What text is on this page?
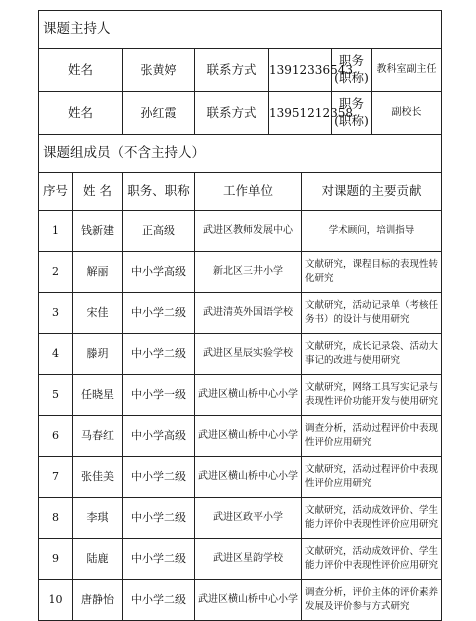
课题主持人							
姓名		张黄婷	联系方式	13912336543		职务(职称)	教科室副主任
姓名		孙红霞	联系方式	13951212358		职务(职称)	副校长
课题组成员（不含主持人）							
序号	姓 名	职务、职称	工作单位		对课题的主要贡献		
1	钱新建	正高级	武进区教师发展中心		学术顾问，培训指导		
2	解丽	中小学高级	新北区三井小学		文献研究，课程目标的表现性转化研究		
3	宋佳	中小学二级	武进清英外国语学校		文献研究，活动记录单（考核任务书）的设计与使用研究		
4	滕玥	中小学二级	武进区星辰实验学校		文献研究，成长记录袋、活动大事记的改进与使用研究		
5	任晓星	中小学一级	武进区横山桥中心小学		文献研究，网络工具写实记录与表现性评价功能开发与使用研究		
6	马春红	中小学高级	武进区横山桥中心小学		调查分析，活动过程评价中表现性评价应用研究		
7	张佳美	中小学二级	武进区横山桥中心小学		文献研究，活动过程评价中表现性评价应用研究		
8	李琪	中小学二级	武进区政平小学		文献研究，活动成效评价、学生能力评价中表现性评价应用研究		
9	陆鹿	中小学二级	武进区星韵学校		文献研究，活动成效评价、学生能力评价中表现性评价应用研究		
10	唐静怡	中小学二级	武进区横山桥中心小学		调查分析，评价主体的评价素养发展及评价参与方式研究		
